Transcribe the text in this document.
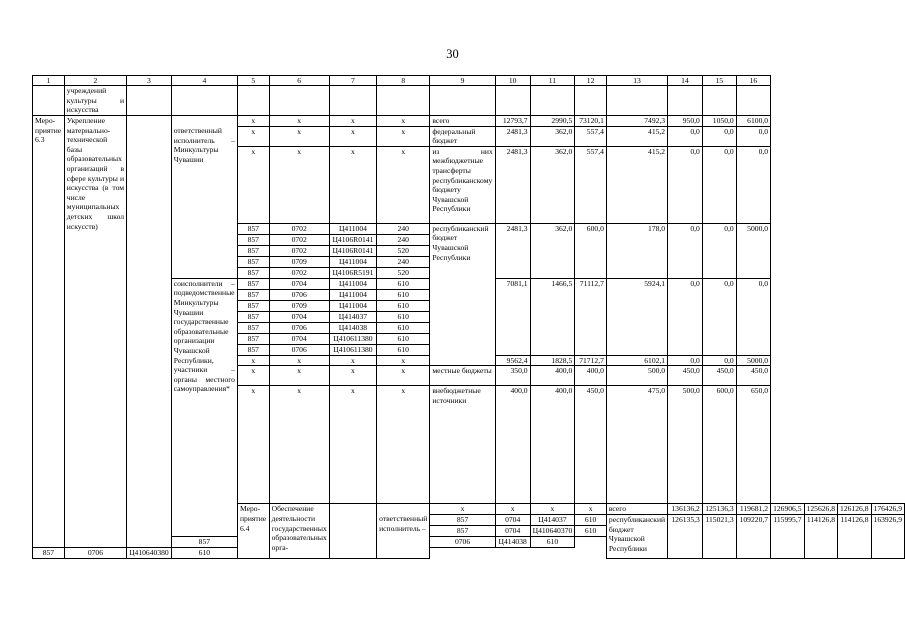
30
1	2	3	4	5	6	7	8	9	10	11	12	13	14	15	16				
	учреждений культуры и искусства																		
Меро-приятие 6.3	Укрепление материально-технической базы образовательных организаций в сфере культуры и искусства (в том числе муниципальных детских школ искусств)			x	x	x	x	всего	12793,7	2990,5	73120,1	7492,3	950,0	1050,0	6100,0				
			ответственный исполнитель – Минкультуры Чувашии	x	x	x	x	федеральный бюджет	2481,3	362,0	557,4	415,2	0,0	0,0	0,0				
				x	x	x	x	из них межбюджетные трансферты республиканскому бюджету Чувашской Республики	2481,3	362,0	557,4	415,2	0,0	0,0	0,0				
				857	0702	Ц411004	240	республиканский бюджет Чувашской Республики	2481,3	362,0	600,0	178,0	0,0	0,0	5000,0				
				857	0702	Ц4106R0141	240												
				857	0702	Ц4106R0141	520												
				857	0709	Ц411004	240												
				857	0702	Ц4106R5191	520												
			соисполнители – подведомственные Минкультуры Чувашии государственные образовательные организации Чувашской Республики, участники – органы местного самоуправления*	857	0704	Ц411004	610		7081,1	1466,5	71112,7	5924,1	0,0	0,0	0,0				
				857	0706	Ц411004	610												
				857	0709	Ц411004	610												
				857	0704	Ц414037	610												
				857	0706	Ц414038	610												
				857	0704	Ц410611380	610												
				857	0706	Ц410611380	610												
				x	x	x	x		9562,4	1828,5	71712,7	6102,1	0,0	0,0	5000,0				
				x	x	x	x	местные бюджеты	350,0	400,0	400,0	500,0	450,0	450,0	450,0				
				x	x	x	x	внебюджетные источники	400,0	400,0	450,0	475,0	500,0	600,0	650,0				
				Меро-приятие 6.4	Обеспечение деятельности государственных образовательных орга-			x	x	x	x	всего	136136,2	125136,3	119681,2	126906,5	125626,8	126126,8	176426,9
							ответственный исполнитель –	857	0704	Ц414037	610	республиканский бюджет Чувашской Республики	126135,3	115021,3	109220,7	115995,7	114126,8	114126,8	163926,9
								857	0704	Ц410640370	610								
			857					0706	Ц414038	610									
857	0706	Ц410640380	610																
